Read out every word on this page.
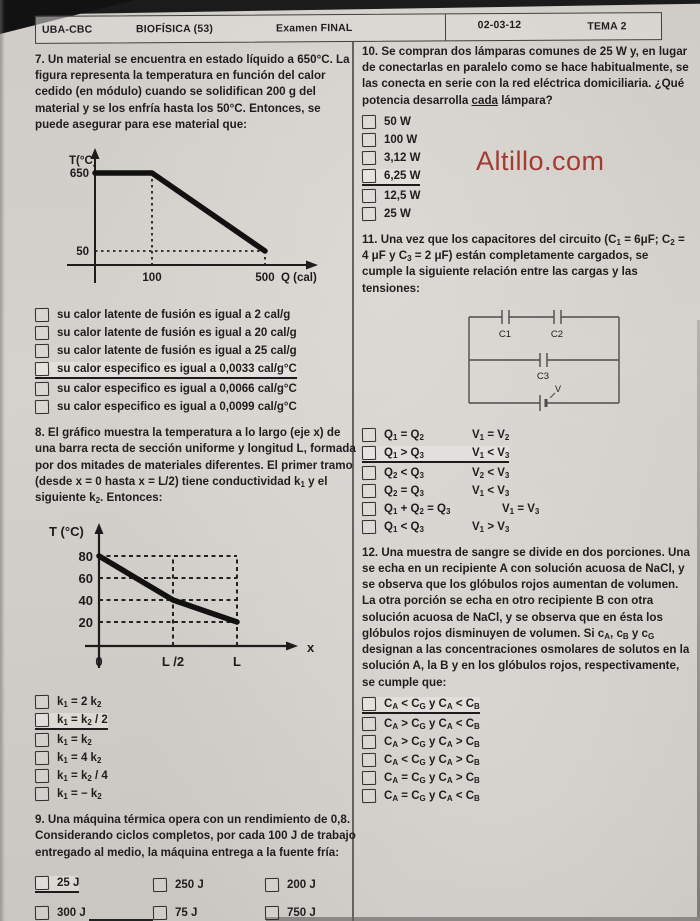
UBA-CBC	BIOFÍSICA (53)	Examen FINAL	02-03-12	TEMA 2
Altillo.com

7. Un material se encuentra en estado líquido a 650°C. La figura representa la temperatura en función del calor cedido (en módulo) cuando se solidifican 200 g del material y se los enfría hasta los 50°C. Entonces, se puede asegurar para ese material que:

T(°C)
650
50
100	500 Q (cal)
su calor latente de fusión es igual a 2 cal/g
su calor latente de fusión es igual a 20 cal/g
su calor latente de fusión es igual a 25 cal/g
su calor especifico es igual a 0,0033 cal/g°C
su calor especifico es igual a 0,0066 cal/g°C
su calor especifico es igual a 0,0099 cal/g°C

8. El gráfico muestra la temperatura a lo largo (eje x) de una barra recta de sección uniforme y longitud L, formada por dos mitades de materiales diferentes. El primer tramo (desde x = 0 hasta x = L/2) tiene conductividad $k_1$ y el siguiente $k_2$. Entonces:

T (°C)
80
60
40
20
0	L /2	L
x
$k_1 = 2$ $k_2$
$k_1 = k_2 / 2$
$k_1 = k_2$
$k_1 = 4$ $k_2$
$k_1 = k_2 / 4$
$k_1$ = − $k_2$

9. Una máquina térmica opera con un rendimiento de 0,8. Considerando ciclos completos, por cada 100 J de trabajo entregado al medio, la máquina entrega a la fuente fría:

25 J	250 J	200 J
300 J	75 J	750 J

10. Se compran dos lámparas comunes de 25 W y, en lugar de conectarlas en paralelo como se hace habitualmente, se las conecta en serie con la red eléctrica domiciliaria. ¿Qué potencia desarrolla cada lámpara?

50 W
100 W
3,12 W
6,25 W
12,5 W
25 W

11. Una vez que los capacitores del circuito ($C_1 = 6\mu F$; $C_2 = 4$ μF y $C_3 = 2$ μF) están completamente cargados, se cumple la siguiente relación entre las cargas y las tensiones:

C1	C2
C3
V
$Q_1 = Q_2$	$V_1 = V_2$
$Q_1 > Q_3$	$V_1 < V_3$
$Q_2 < Q_3$	$V_2 < V_3$
$Q_2 = Q_3$	$V_1 < V_3$
$Q_1 + Q_2 = Q_3$	$V_1 = V_3$
$Q_1 < Q_3$	$V_1 > V_3$

12. Una muestra de sangre se divide en dos porciones. Una se echa en un recipiente A con solución acuosa de NaCl, y se observa que los glóbulos rojos aumentan de volumen. La otra porción se echa en otro recipiente B con otra solución acuosa de NaCl, y se observa que en ésta los glóbulos rojos disminuyen de volumen. Si $c_A$, $c_B$ y $c_G$ designan a las concentraciones osmolares de solutos en la solución A, la B y en los glóbulos rojos, respectivamente, se cumple que:

$C_A < C_G$ y $C_A < C_B$
$C_A > C_G$ y $C_A < C_B$
$C_A > C_G$ y $C_A > C_B$
$C_A < C_G$ y $C_A > C_B$
$C_A = C_G$ y $C_A > C_B$
$C_A = C_G$ y $C_A < C_B$
